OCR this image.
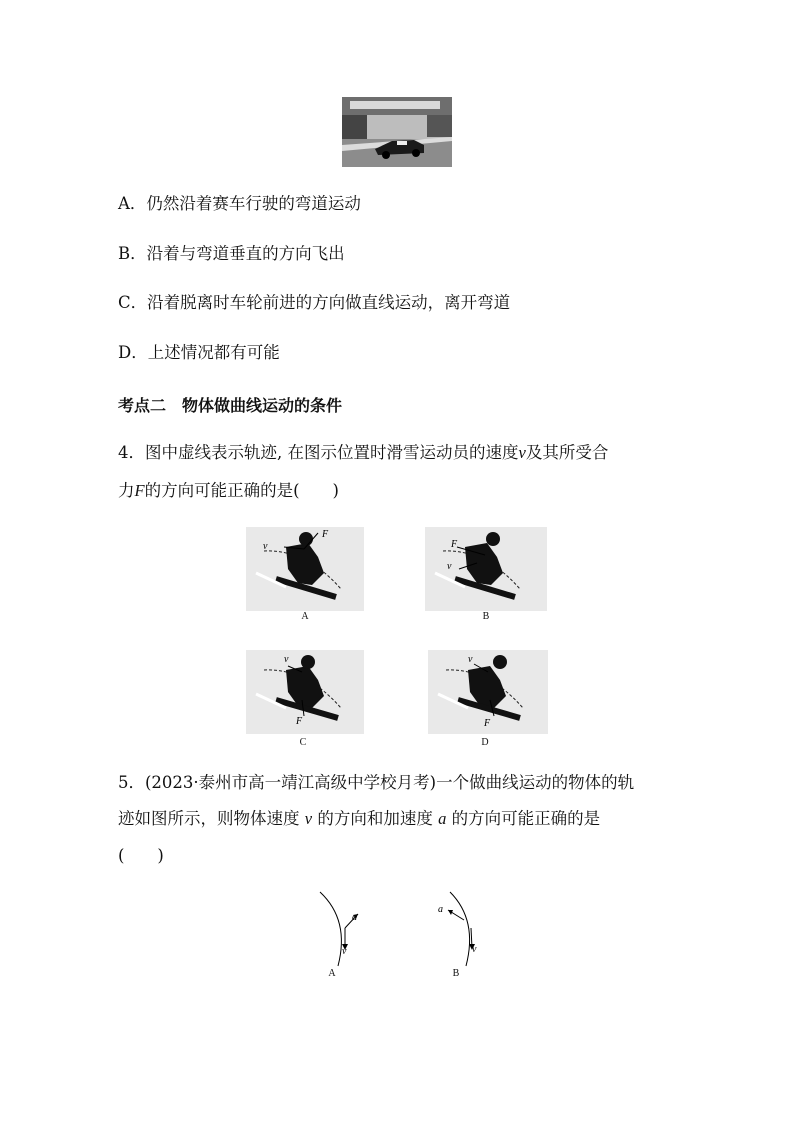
A．仍然沿着赛车行驶的弯道运动
B．沿着与弯道垂直的方向飞出
C．沿着脱离时车轮前进的方向做直线运动，离开弯道
D．上述情况都有可能
考点二　物体做曲线运动的条件
4．图中虚线表示轨迹, 在图示位置时滑雪运动员的速度v及其所受合
力F的方向可能正确的是(　　)
v
F
A
F
v
B
v
F
C
v
F
D
5．(2023·泰州市高一靖江高级中学校月考)一个做曲线运动的物体的轨
迹如图所示，则物体速度 v 的方向和加速度 a 的方向可能正确的是
(　　)
a
v
A
a
v
B
